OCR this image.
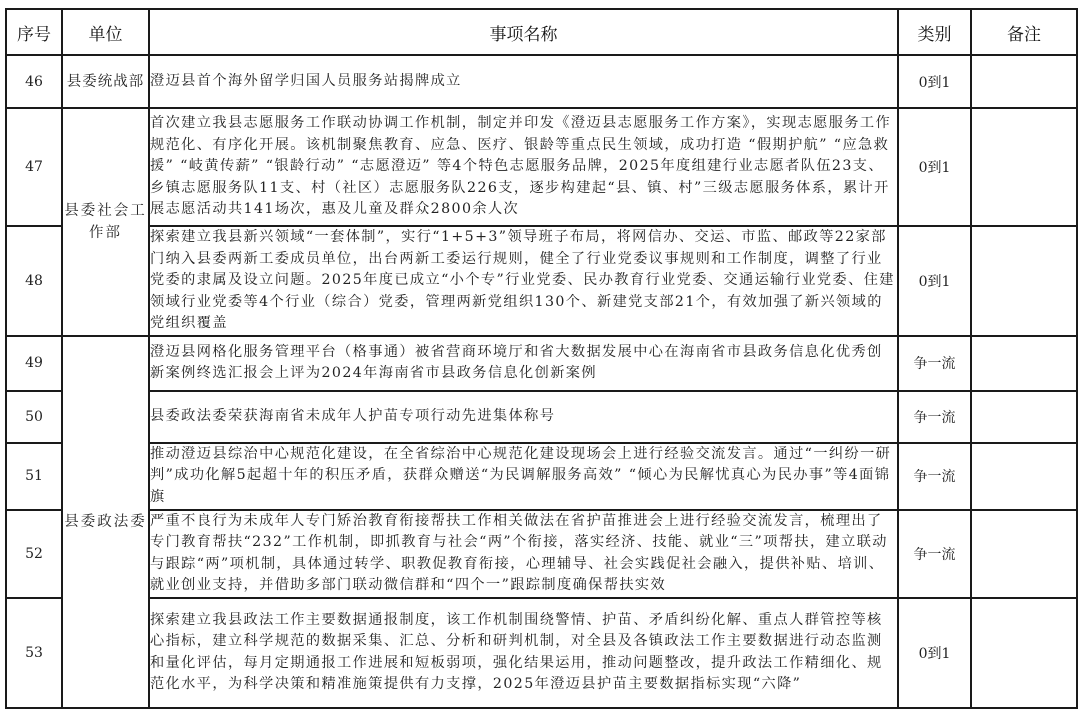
序号	单位	事项名称	类别	备注
46	县委统战部	澄迈县首个海外留学归国人员服务站揭牌成立	0到1	
47	县委社会工作部	首次建立我县志愿服务工作联动协调工作机制，制定并印发《澄迈县志愿服务工作方案》，实现志愿服务工作规范化、有序化开展。该机制聚焦教育、应急、医疗、银龄等重点民生领域，成功打造 “假期护航” “应急救援” “岐黄传薪” “银龄行动” “志愿澄迈” 等4个特色志愿服务品牌，2025年度组建行业志愿者队伍23支、乡镇志愿服务队11支、村（社区）志愿服务队226支，逐步构建起“县、镇、村”三级志愿服务体系，累计开展志愿活动共141场次，惠及儿童及群众2800余人次	0到1	
48		探索建立我县新兴领域“一套体制”，实行“1+5+3”领导班子布局，将网信办、交运、市监、邮政等22家部门纳入县委两新工委成员单位，出台两新工委运行规则，健全了行业党委议事规则和工作制度，调整了行业党委的隶属及设立问题。2025年度已成立“小个专”行业党委、民办教育行业党委、交通运输行业党委、住建领域行业党委等4个行业（综合）党委，管理两新党组织130个、新建党支部21个，有效加强了新兴领域的党组织覆盖	0到1	
49	县委政法委	澄迈县网格化服务管理平台（格事通）被省营商环境厅和省大数据发展中心在海南省市县政务信息化优秀创新案例终选汇报会上评为2024年海南省市县政务信息化创新案例	争一流	
50		县委政法委荣获海南省未成年人护苗专项行动先进集体称号	争一流	
51		推动澄迈县综治中心规范化建设，在全省综治中心规范化建设现场会上进行经验交流发言。通过“一纠纷一研判”成功化解5起超十年的积压矛盾，获群众赠送“为民调解服务高效” “倾心为民解忧真心为民办事”等4面锦旗	争一流	
52		严重不良行为未成年人专门矫治教育衔接帮扶工作相关做法在省护苗推进会上进行经验交流发言，梳理出了专门教育帮扶“232”工作机制，即抓教育与社会“两”个衔接，落实经济、技能、就业“三”项帮扶，建立联动与跟踪“两”项机制，具体通过转学、职教促教育衔接，心理辅导、社会实践促社会融入，提供补贴、培训、就业创业支持，并借助多部门联动微信群和“四个一”跟踪制度确保帮扶实效	争一流	
53		探索建立我县政法工作主要数据通报制度，该工作机制围绕警情、护苗、矛盾纠纷化解、重点人群管控等核心指标，建立科学规范的数据采集、汇总、分析和研判机制，对全县及各镇政法工作主要数据进行动态监测和量化评估，每月定期通报工作进展和短板弱项，强化结果运用，推动问题整改，提升政法工作精细化、规范化水平，为科学决策和精准施策提供有力支撑，2025年澄迈县护苗主要数据指标实现“六降”	0到1	
